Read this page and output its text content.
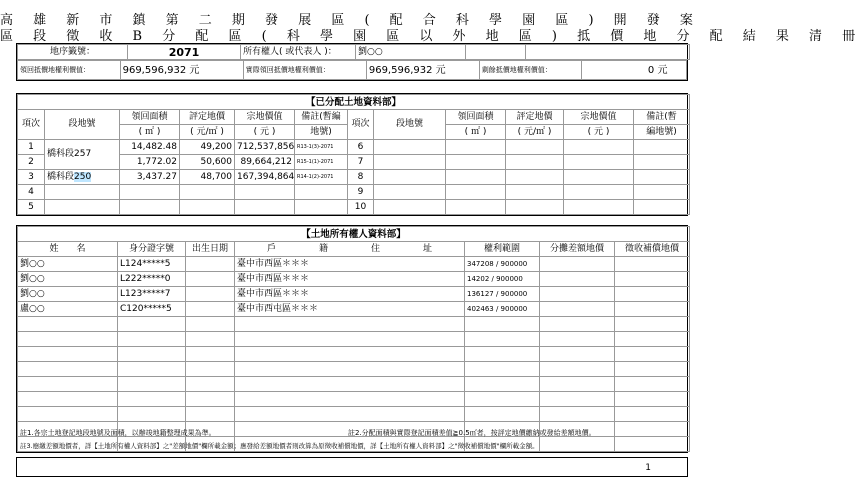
高 雄 新 市 鎮 第 二 期 發 展 區 ( 配 合 科 學 園 區 ) 開 發 案
區 段 徵 收 B 分 配 區 ( 科 學 園 區 以 外 地 區 ) 抵 價 地 分 配 結 果 清 冊
地序籤號：	2071	所有權人( 或代表人 )：	劉○○		
領回抵價地權利價值：	969,596,932 元	實際領回抵價地權利價值：	969,596,932 元	剩餘抵價地權利價值：	0 元
【已分配土地資料部】											
項次	段地號	領回面積	評定地價	宗地價值	備註(暫編	項次	段地號	領回面積	評定地價	宗地價值	備註(暫
		( ㎡ )	( 元/㎡ )	( 元 )	地號)			( ㎡ )	( 元/㎡ )	( 元 )	編地號)
1	橋科段257	14,482.48	49,200	712,537,856	R13-1(3)-2071	6					
2		1,772.02	50,600	89,664,212	R15-1(1)-2071	7					
3	橋科段250	3,437.27	48,700	167,394,864	R14-1(2)-2071	8					
4						9					
5						10					
【土地所有權人資料部】						
姓　　名	身分證字號	出生日期	戶 籍 住 址	權利範圍	分攤差額地價	徵收補償地價
劉○○	L124*****5		臺中市西區＊＊＊	347208 / 900000		
劉○○	L222*****0		臺中市西區＊＊＊	14202 / 900000		
劉○○	L123*****7		臺中市西區＊＊＊	136127 / 900000		
盧○○	C120*****5		臺中市西屯區＊＊＊	402463 / 900000		

註1.各宗土地登記地段地號及面積，以辦竣地籍整理成果為準。	註2.分配面積與實際登記面積差值≧0.5㎡者，按評定地價繳納或發給差額地價。
註3.應繳差額地價者，詳【土地所有權人資料部】之"差額地價"欄所載金額；應發給差額地價者則改算為原徵收補償地價，詳【土地所有權人資料部】之"徵收補償地價"欄所載金額。
1
